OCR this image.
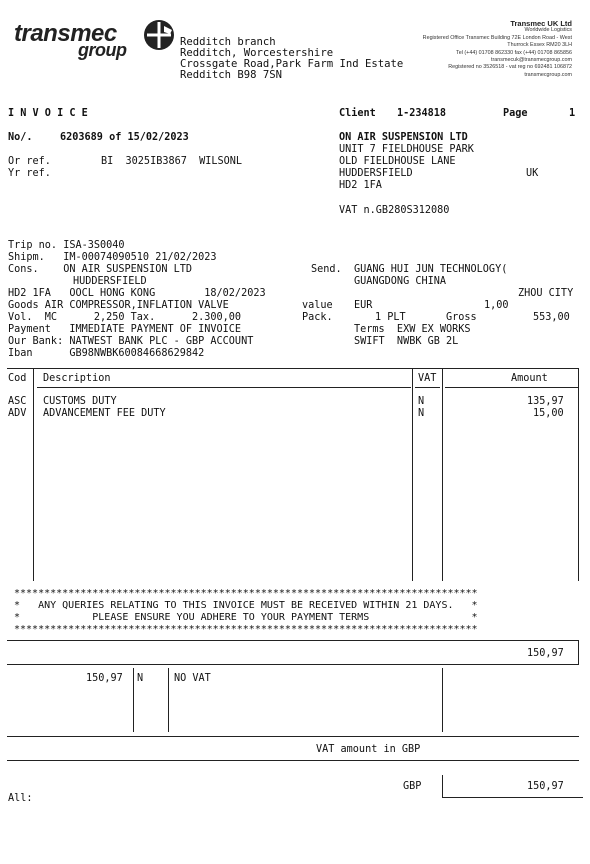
transmec
group	Redditch branch
Redditch, Worcestershire
Crossgate Road,Park Farm Ind Estate
Redditch B98 7SN
Transmec UK Ltd
Worldwide Logistics
Registered Office Transmec Building 72E London Road - West
Thurrock Essex RM20 3LH
Tel (+44) 01708 862330 fax (+44) 01708 865856
transmecuk@transmecgroup.com
Registered no 3526518 - vat reg no 692481 106872
transmecgroup.com
I N V O I C E	Client 1-234818	Page	1
No/.	6203689 of 15/02/2023
Or ref.	BI  3025IB3867  WILSONL
Yr ref.
ON AIR SUSPENSION LTD
UNIT 7 FIELDHOUSE PARK
OLD FIELDHOUSE LANE
HUDDERSFIELD	UK
HD2 1FA
VAT n.GB280S312080
Trip no. ISA-3S0040
Shipm.   IM-00074090510 21/02/2023
Cons.    ON AIR SUSPENSION LTD	Send. GUANG HUI JUN TECHNOLOGY(
HUDDERSFIELD	GUANGDONG CHINA
HD2 1FA   OOCL HONG KONG        18/02/2023	ZHOU CITY
Goods AIR COMPRESSOR,INFLATION VALVE	value EUR	1,00
Vol.  MC      2,250 Tax.      2.300,00	Pack.	1 PLT	Gross	553,00
Payment   IMMEDIATE PAYMENT OF INVOICE	Terms  EXW EX WORKS
Our Bank: NATWEST BANK PLC - GBP ACCOUNT	SWIFT  NWBK GB 2L
Iban      GB98NWBK60084668629842
Cod Description	VAT	Amount
ASC CUSTOMS DUTY	N	135,97
ADV ADVANCEMENT FEE DUTY	N	15,00
*****************************************************************************
*   ANY QUERIES RELATING TO THIS INVOICE MUST BE RECEIVED WITHIN 21 DAYS.   *
*            PLEASE ENSURE YOU ADHERE TO YOUR PAYMENT TERMS                 *
*****************************************************************************
150,97
150,97 N	NO VAT
VAT amount in GBP
GBP	150,97
All:
